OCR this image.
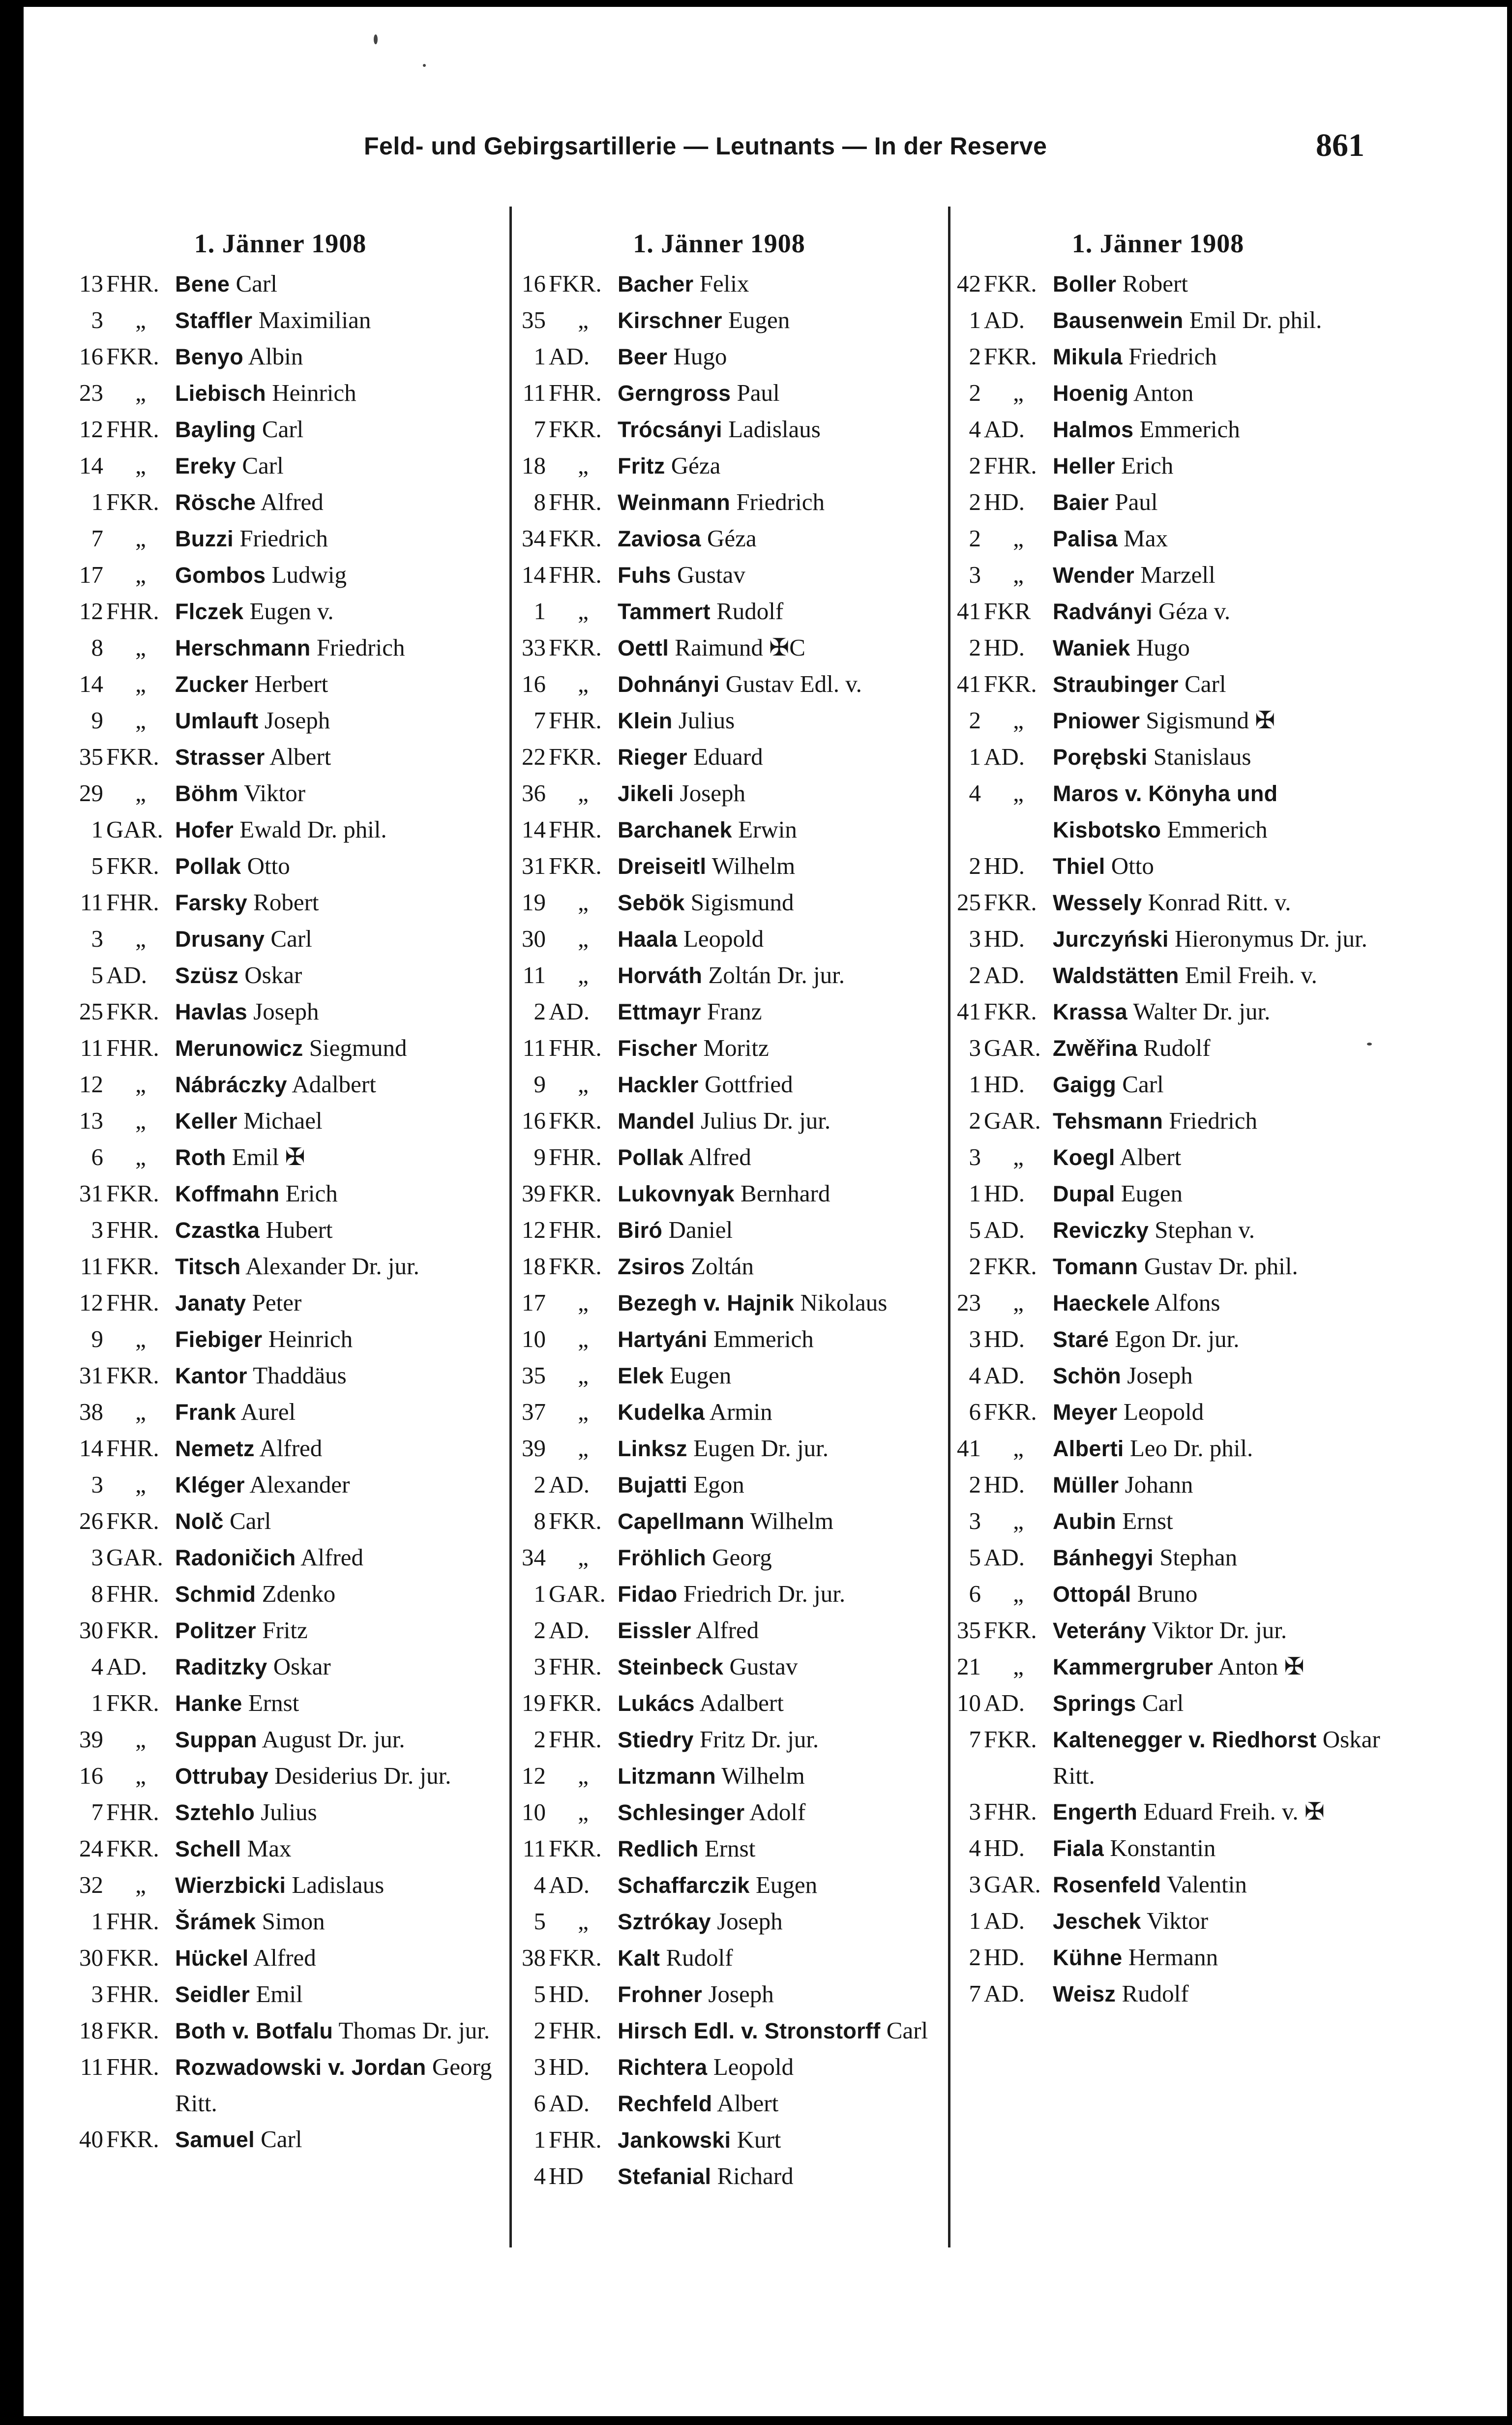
Feld- und Gebirgsartillerie — Leutnants — In der Reserve	861
1. Jänner 1908
13 FHR. Bene Carl
3	„	Staffler Maximilian
16 FKR. Benyo Albin
23	„	Liebisch Heinrich
12 FHR. Bayling Carl
14	„	Ereky Carl
1 FKR. Rösche Alfred
7	„	Buzzi Friedrich
17	„	Gombos Ludwig
12 FHR. Flczek Eugen v.
8	„	Herschmann Friedrich
14	„	Zucker Herbert
9	„	Umlauft Joseph
35 FKR. Strasser Albert
29	„	Böhm Viktor
1 GAR. Hofer Ewald Dr. phil.
5 FKR. Pollak Otto
11 FHR. Farsky Robert
3	„	Drusany Carl
5 AD.	Szüsz Oskar
25 FKR. Havlas Joseph
11 FHR. Merunowicz Siegmund
12	„	Nábráczky Adalbert
13	„	Keller Michael
6	„	Roth Emil ✠
31 FKR. Koffmahn Erich
3 FHR. Czastka Hubert
11 FKR. Titsch Alexander Dr. jur.
12 FHR. Janaty Peter
9	„	Fiebiger Heinrich
31 FKR. Kantor Thaddäus
38	„	Frank Aurel
14 FHR. Nemetz Alfred
3	„	Kléger Alexander
26 FKR. Nolč Carl
3 GAR. Radoničich Alfred
8 FHR. Schmid Zdenko
30 FKR. Politzer Fritz
4 AD.	Raditzky Oskar
1 FKR. Hanke Ernst
39	„	Suppan August Dr. jur.
16	„	Ottrubay Desiderius Dr. jur.
7 FHR. Sztehlo Julius
24 FKR. Schell Max
32	„	Wierzbicki Ladislaus
1 FHR. Šrámek Simon
30 FKR. Hückel Alfred
3 FHR. Seidler Emil
18 FKR. Both v. Botfalu Thomas Dr. jur.
11 FHR. Rozwadowski v. Jordan Georg Ritt.
40 FKR. Samuel Carl
1. Jänner 1908
16 FKR. Bacher Felix
35	„	Kirschner Eugen
1 AD.	Beer Hugo
11 FHR. Gerngross Paul
7 FKR. Trócsányi Ladislaus
18	„	Fritz Géza
8 FHR. Weinmann Friedrich
34 FKR. Zaviosa Géza
14 FHR. Fuhs Gustav
1	„	Tammert Rudolf
33 FKR. Oettl Raimund ✠C
16	„	Dohnányi Gustav Edl. v.
7 FHR. Klein Julius
22 FKR. Rieger Eduard
36	„	Jikeli Joseph
14 FHR. Barchanek Erwin
31 FKR. Dreiseitl Wilhelm
19	„	Sebök Sigismund
30	„	Haala Leopold
11	„	Horváth Zoltán Dr. jur.
2 AD.	Ettmayr Franz
11 FHR. Fischer Moritz
9	„	Hackler Gottfried
16 FKR. Mandel Julius Dr. jur.
9 FHR. Pollak Alfred
39 FKR. Lukovnyak Bernhard
12 FHR. Biró Daniel
18 FKR. Zsiros Zoltán
17	„	Bezegh v. Hajnik Nikolaus
10	„	Hartyáni Emmerich
35	„	Elek Eugen
37	„	Kudelka Armin
39	„	Linksz Eugen Dr. jur.
2 AD.	Bujatti Egon
8 FKR. Capellmann Wilhelm
34	„	Fröhlich Georg
1 GAR. Fidao Friedrich Dr. jur.
2 AD.	Eissler Alfred
3 FHR. Steinbeck Gustav
19 FKR. Lukács Adalbert
2 FHR. Stiedry Fritz Dr. jur.
12	„	Litzmann Wilhelm
10	„	Schlesinger Adolf
11 FKR. Redlich Ernst
4 AD.	Schaffarczik Eugen
5	„	Sztrókay Joseph
38 FKR. Kalt Rudolf
5 HD.	Frohner Joseph
2 FHR. Hirsch Edl. v. Stronstorff Carl
3 HD.	Richtera Leopold
6 AD.	Rechfeld Albert
1 FHR. Jankowski Kurt
4 HD	Stefanial Richard
1. Jänner 1908
42 FKR. Boller Robert
1 AD.	Bausenwein Emil Dr. phil.
2 FKR. Mikula Friedrich
2	„	Hoenig Anton
4 AD.	Halmos Emmerich
2 FHR. Heller Erich
2 HD.	Baier Paul
2	„	Palisa Max
3	„	Wender Marzell
41 FKR Radványi Géza v.
2 HD.	Waniek Hugo
41 FKR. Straubinger Carl
2	„	Pniower Sigismund ✠
1 AD.	Porębski Stanislaus
4	„	Maros v. Könyha und Kisbotsko Emmerich
2 HD.	Thiel Otto
25 FKR. Wessely Konrad Ritt. v.
3 HD.	Jurczyński Hieronymus Dr. jur.
2 AD.	Waldstätten Emil Freih. v.
41 FKR. Krassa Walter Dr. jur.
3 GAR. Zwěřina Rudolf
1 HD.	Gaigg Carl
2 GAR. Tehsmann Friedrich
3	„	Koegl Albert
1 HD.	Dupal Eugen
5 AD.	Reviczky Stephan v.
2 FKR. Tomann Gustav Dr. phil.
23	„	Haeckele Alfons
3 HD.	Staré Egon Dr. jur.
4 AD.	Schön Joseph
6 FKR. Meyer Leopold
41	„	Alberti Leo Dr. phil.
2 HD.	Müller Johann
3	„	Aubin Ernst
5 AD.	Bánhegyi Stephan
6	„	Ottopál Bruno
35 FKR. Veterány Viktor Dr. jur.
21	„	Kammergruber Anton ✠
10 AD.	Springs Carl
7 FKR. Kaltenegger v. Riedhorst Oskar Ritt.
3 FHR. Engerth Eduard Freih. v. ✠
4 HD.	Fiala Konstantin
3 GAR. Rosenfeld Valentin
1 AD.	Jeschek Viktor
2 HD.	Kühne Hermann
7 AD.	Weisz Rudolf
